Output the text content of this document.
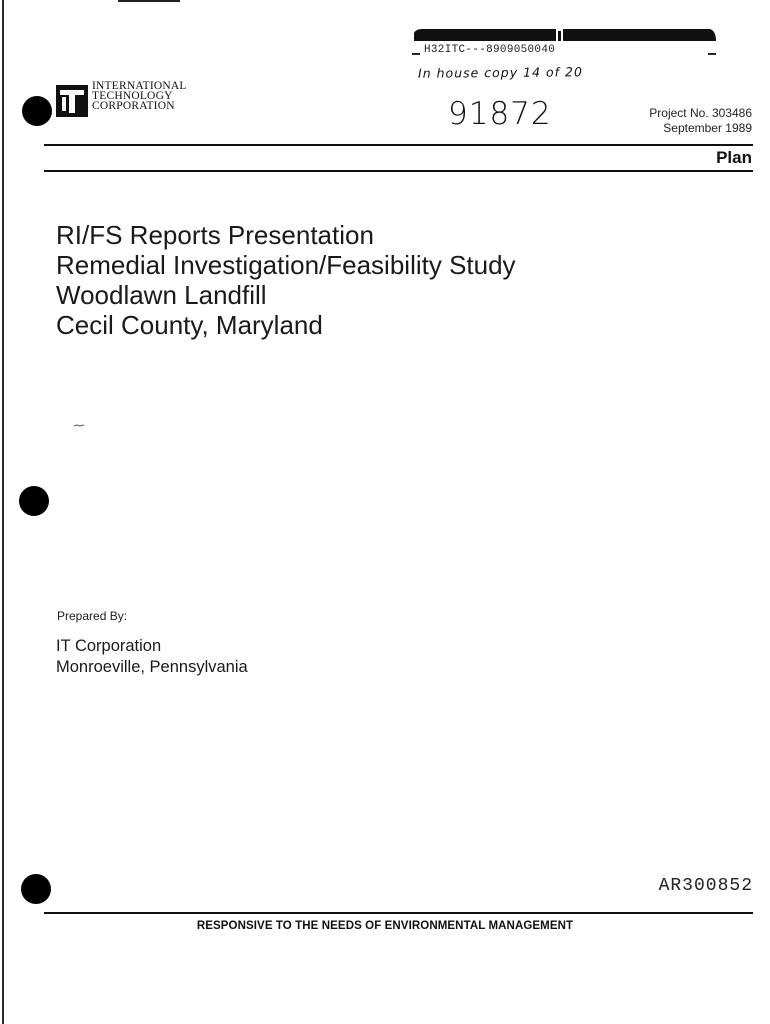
INTERNATIONAL
TECHNOLOGY
CORPORATION
H32ITC---8909050040
In house copy 14 of 20
91872	Project No. 303486
September 1989
Plan
RI/FS Reports Presentation
Remedial Investigation/Feasibility Study
Woodlawn Landfill
Cecil County, Maryland
Prepared By:
IT Corporation
Monroeville, Pennsylvania
AR300852
RESPONSIVE TO THE NEEDS OF ENVIRONMENTAL MANAGEMENT
